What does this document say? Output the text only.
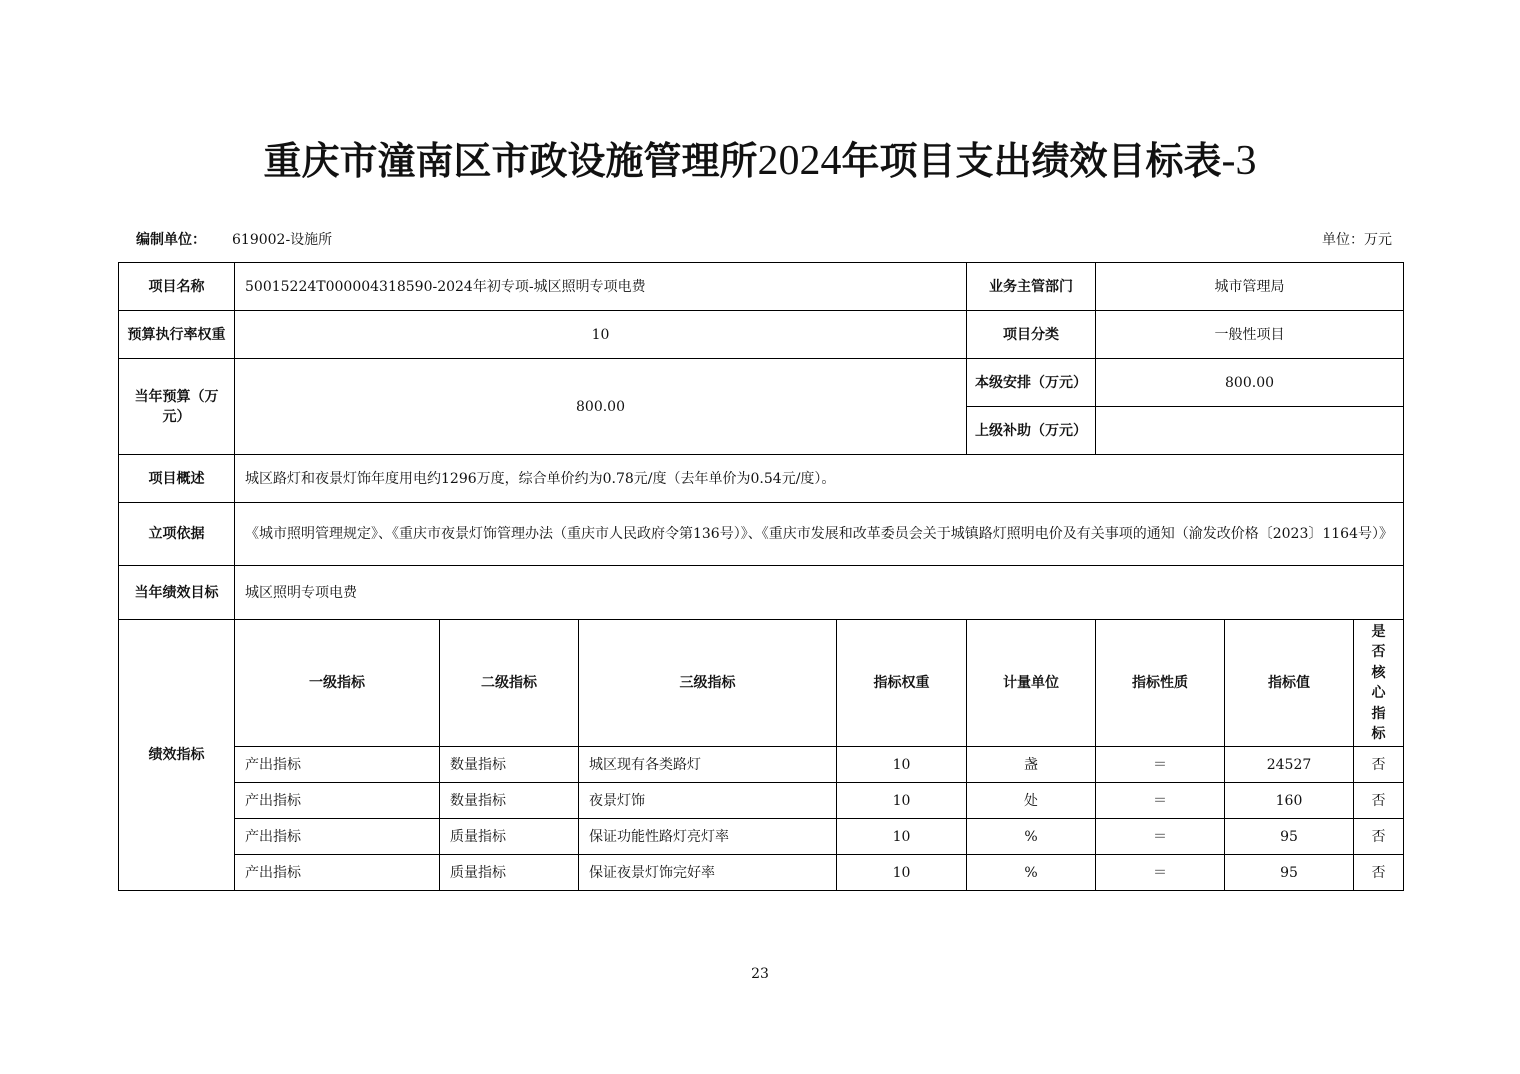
重庆市潼南区市政设施管理所2024年项目支出绩效目标表-3
编制单位： 619002-设施所	单位：万元
项目名称	50015224T000004318590-2024年初专项-城区照明专项电费				业务主管部门	城市管理局		
预算执行率权重	10				项目分类	一般性项目		
当年预算（万元）	800.00				本级安排（万元）	800.00		
					上级补助（万元）			
项目概述	城区路灯和夜景灯饰年度用电约1296万度，综合单价约为0.78元/度（去年单价为0.54元/度）。							
立项依据	《城市照明管理规定》、《重庆市夜景灯饰管理办法（重庆市人民政府令第136号）》、《重庆市发展和改革委员会关于城镇路灯照明电价及有关事项的通知（渝发改价格〔2023〕1164号）》							
当年绩效目标	城区照明专项电费							
绩效指标	一级指标	二级指标	三级指标	指标权重	计量单位	指标性质	指标值	是否核心指标

	产出指标	数量指标	城区现有各类路灯	10	盏	＝	24527	否
	产出指标	数量指标	夜景灯饰	10	处	＝	160	否
	产出指标	质量指标	保证功能性路灯亮灯率	10	%	＝	95	否
	产出指标	质量指标	保证夜景灯饰完好率	10	%	＝	95	否
23
